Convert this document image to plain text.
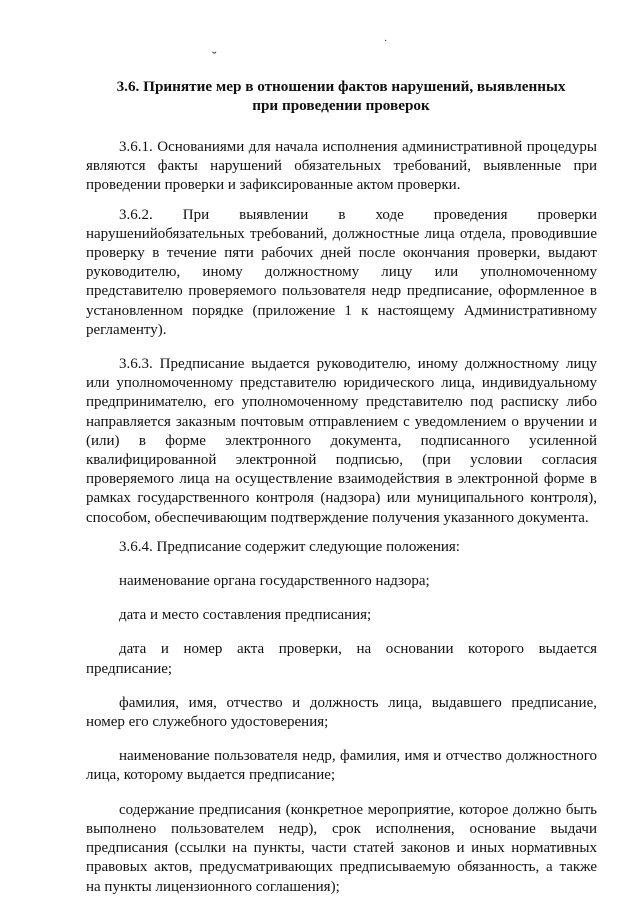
˘
·
3.6. Принятие мер в отношении фактов нарушений, выявленных
при проведении проверок

3.6.1. Основаниями для начала исполнения административной процедуры являются факты нарушений обязательных требований, выявленные при проведении проверки и зафиксированные актом проверки.

3.6.2. При выявлении в ходе проведения проверки нарушенийобязательных требований, должностные лица отдела, проводившие проверку в течение пяти рабочих дней после окончания проверки, выдают руководителю, иному должностному лицу или уполномоченному представителю проверяемого пользователя недр предписание, оформленное в установленном порядке (приложение 1 к настоящему Административному регламенту).

3.6.3. Предписание выдается руководителю, иному должностному лицу или уполномоченному представителю юридического лица, индивидуальному предпринимателю, его уполномоченному представителю под расписку либо направляется заказным почтовым отправлением с уведомлением о вручении и (или) в форме электронного документа, подписанного усиленной квалифицированной электронной подписью, (при условии согласия проверяемого лица на осуществление взаимодействия в электронной форме в рамках государственного контроля (надзора) или муниципального контроля), способом, обеспечивающим подтверждение получения указанного документа.

3.6.4. Предписание содержит следующие положения:

наименование органа государственного надзора;

дата и место составления предписания;

дата и номер акта проверки, на основании которого выдается предписание;

фамилия, имя, отчество и должность лица, выдавшего предписание, номер его служебного удостоверения;

наименование пользователя недр, фамилия, имя и отчество должностного лица, которому выдается предписание;

содержание предписания (конкретное мероприятие, которое должно быть выполнено пользователем недр), срок исполнения, основание выдачи предписания (ссылки на пункты, части статей законов и иных нормативных правовых актов, предусматривающих предписываемую обязанность, а также на пункты лицензионного соглашения);
